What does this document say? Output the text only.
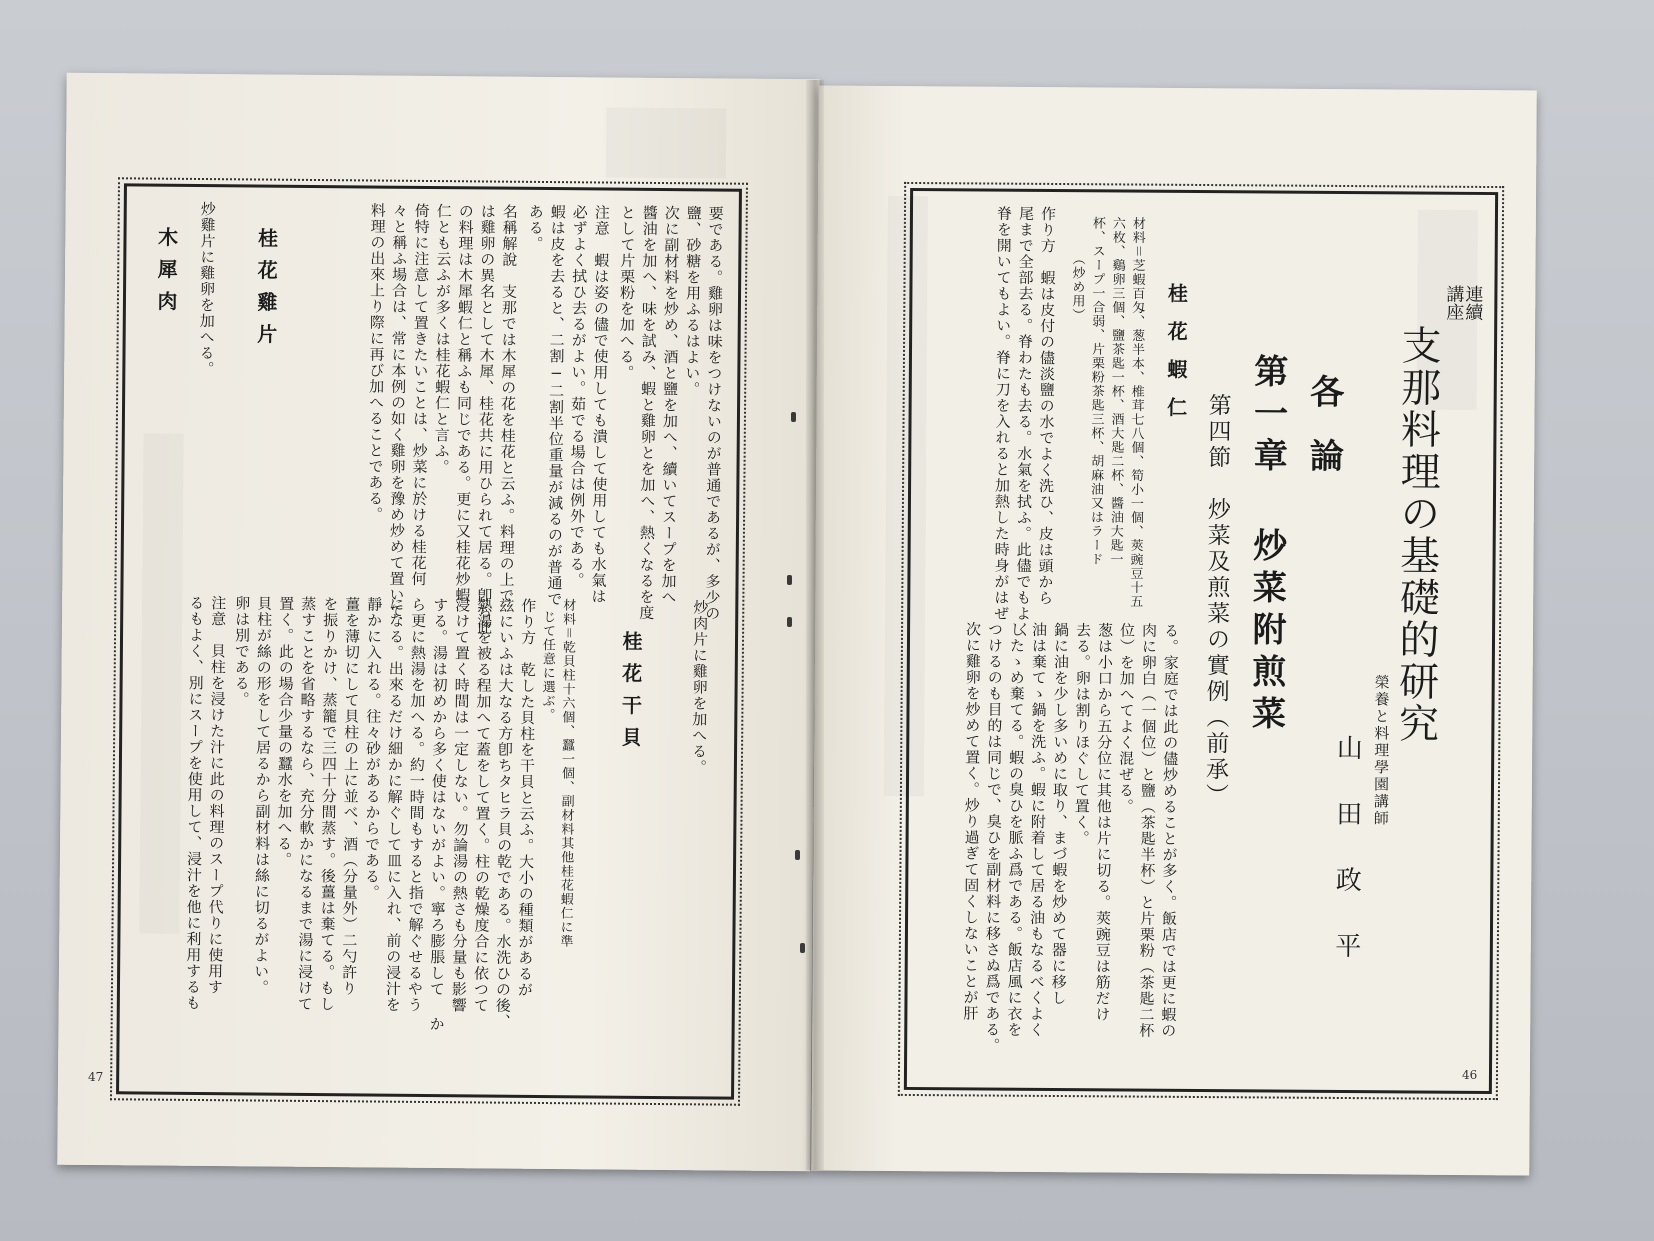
要である。雞卵は味をつけないのが普通であるが、多少の
鹽、砂糖を用ふるはよい。
次に副材料を炒め、酒と鹽を加へ、續いてスープを加へ
醬油を加へ、味を試み、蝦と雞卵とを加へ、熱くなるを度
として片栗粉を加へる。
注意　蝦は姿の儘で使用しても潰して使用しても水氣は
必ずよく拭ひ去るがよい。茹でる場合は例外である。
蝦は皮を去ると、二割−二割半位重量が減るのが普通で
ある。
名稱解說　支那では木犀の花を桂花と云ふ。料理の上で
は雞卵の異名として木犀、桂花共に用ひられて居る。卽ち此
の料理は木犀蝦仁と稱ふも同じである。更に又桂花炒蝦
仁とも云ふが多くは桂花蝦仁と言ふ。
倚特に注意して置きたいことは、炒菜に於ける桂花何
々と稱ふ場合は、常に本例の如く雞卵を豫め炒めて置いて
料理の出來上り際に再び加へることである。
桂花雞片
炒雞片に雞卵を加へる。
木犀肉
炒肉片に雞卵を加へる。
桂花干貝
材料＝乾貝柱十六個、蠶一個、副材料其他桂花蝦仁に準
じて任意に選ぶ。
作り方　乾した貝柱を干貝と云ふ。大小の種類があるが
玆にいふは大なる方卽ちタヒラ貝の乾である。水洗ひの後、
熱湯を被る程加へて蓋をして置く。柱の乾燥度合に依つて
浸けて置く時間は一定しない。勿論湯の熱さも分量も影響
する。湯は初めから多く使はないがよい。寧ろ膨脹して か
ら更に熱湯を加へる。約一時間もすると指で解ぐせるやう
になる。出來るだけ細かに解ぐして皿に入れ、前の浸汁を
靜かに入れる。往々砂があるからである。
薑を薄切にして貝柱の上に並べ、酒（分量外）二勺許り
を振りかけ、蒸籠で三四十分間蒸す。後薑は棄てる。もし
蒸すことを省略するなら、充分軟かになるまで湯に浸けて
置く。此の場合少量の蠶水を加へる。
貝柱が絲の形をして居るから副材料は絲に切るがよい。
卵は別である。
注意　貝柱を浸けた汁に此の料理のスープ代りに使用す
るもよく、別にスープを使用して、浸汁を他に利用するも
47
連續講座
支那料理の基礎的研究
榮養と料理學園講師
山田政平
各論
第一章 炒菜附煎菜
第四節　炒菜及煎菜の實例（前承）
桂花蝦仁
材料＝芝蝦百匁、葱半本、椎茸七八個、筍小一個、莢豌豆十五
六枚、鷄卵三個、鹽茶匙一杯、酒大匙二杯、醬油大匙一
杯、スープ一合弱、片栗粉茶匙三杯、胡麻油又はラード
（炒め用）
作り方　蝦は皮付の儘淡鹽の水でよく洗ひ、皮は頭から
尾まで全部去る。脊わたも去る。水氣を拭ふ。此儘でもよく
脊を開いてもよい。脊に刀を入れると加熱した時身がはぜ
る。家庭では此の儘炒めることが多く。飯店では更に蝦の
肉に卵白（一個位）と鹽（茶匙半杯）と片栗粉（茶匙二杯
位）を加へてよく混ぜる。
葱は小口から五分位に其他は片に切る。莢豌豆は筋だけ
去る。卵は割りほぐして置く。
鍋に油を少し多いめに取り、まづ蝦を炒めて器に移し
油は棄てゝ鍋を洗ふ。蝦に附着して居る油もなるべくよく
したゝめ棄てる。蝦の臭ひを脈ふ爲である。飯店風に衣を
つけるのも目的は同じで、臭ひを副材料に移さぬ爲である。
次に雞卵を炒めて置く。炒り過ぎて固くしないことが肝
46
